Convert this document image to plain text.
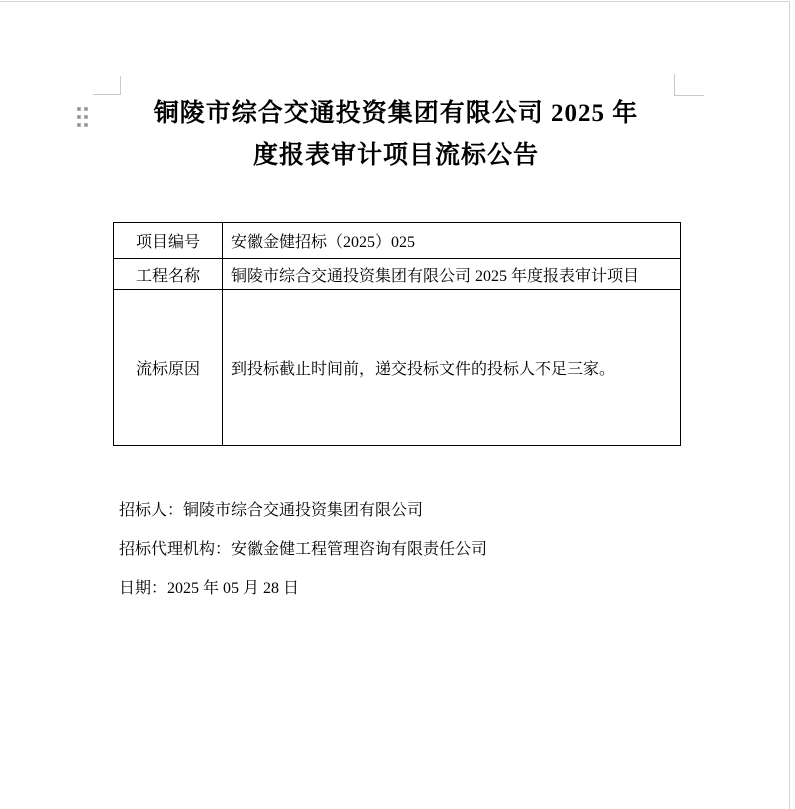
铜陵市综合交通投资集团有限公司 2025 年
度报表审计项目流标公告
项目编号	安徽金健招标（2025）025
工程名称	铜陵市综合交通投资集团有限公司 2025 年度报表审计项目
流标原因	到投标截止时间前，递交投标文件的投标人不足三家。

招标人：铜陵市综合交通投资集团有限公司

招标代理机构：安徽金健工程管理咨询有限责任公司

日期：2025 年 05 月 28 日
